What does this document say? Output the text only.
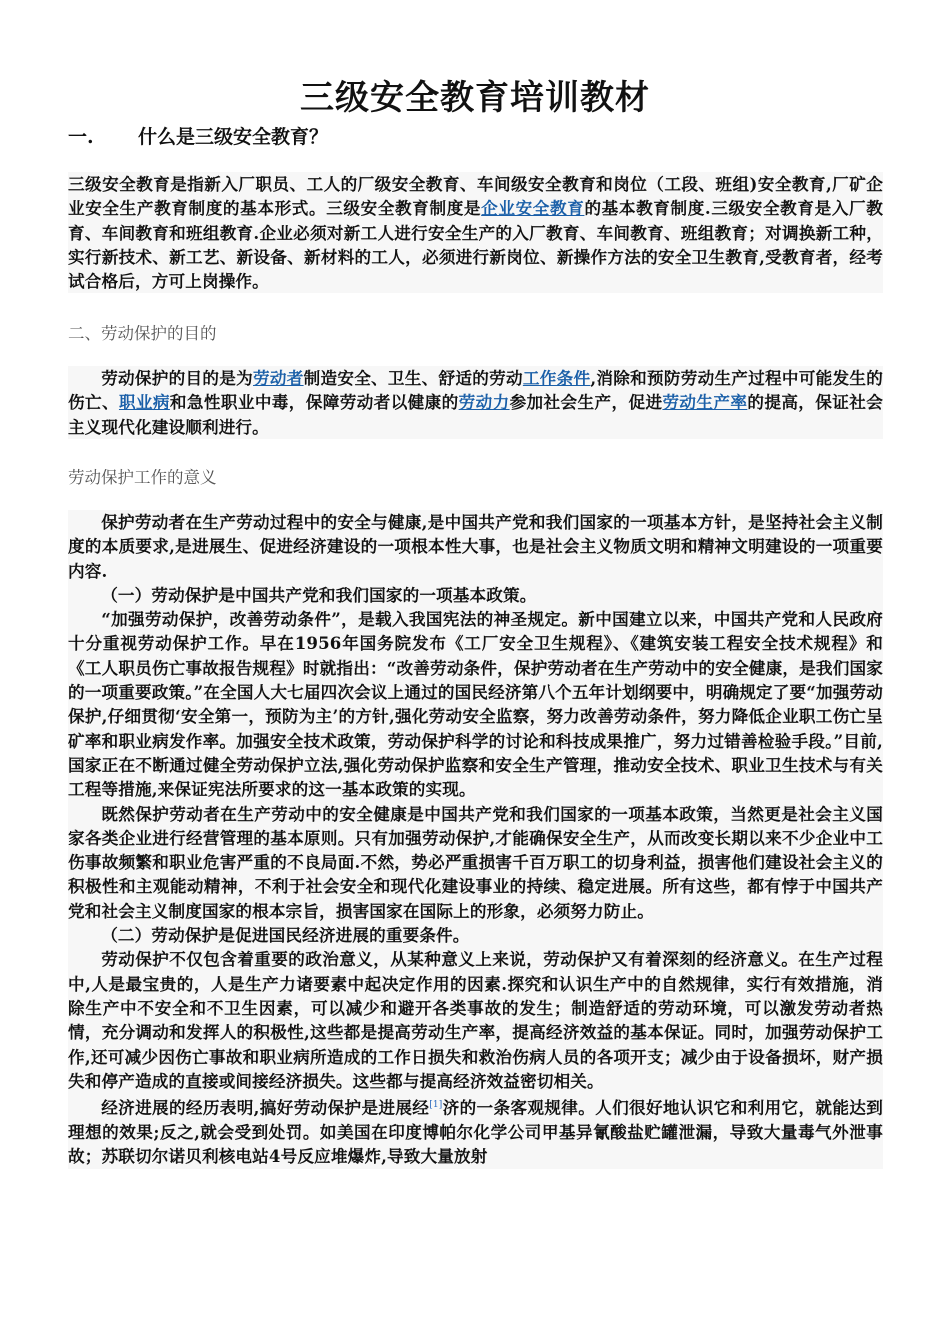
三级安全教育培训教材
一. 什么是三级安全教育？

三级安全教育是指新入厂职员、工人的厂级安全教育、车间级安全教育和岗位（工段、班组)安全教育,厂矿企业安全生产教育制度的基本形式。三级安全教育制度是企业安全教育的基本教育制度.三级安全教育是入厂教育、车间教育和班组教育.企业必须对新工人进行安全生产的入厂教育、车间教育、班组教育；对调换新工种，实行新技术、新工艺、新设备、新材料的工人，必须进行新岗位、新操作方法的安全卫生教育,受教育者，经考试合格后，方可上岗操作。

二、劳动保护的目的

劳动保护的目的是为劳动者制造安全、卫生、舒适的劳动工作条件,消除和预防劳动生产过程中可能发生的伤亡、职业病和急性职业中毒，保障劳动者以健康的劳动力参加社会生产，促进劳动生产率的提高，保证社会主义现代化建设顺利进行。

劳动保护工作的意义

保护劳动者在生产劳动过程中的安全与健康,是中国共产党和我们国家的一项基本方针，是坚持社会主义制度的本质要求,是进展生、促进经济建设的一项根本性大事，也是社会主义物质文明和精神文明建设的一项重要内容.

（一）劳动保护是中国共产党和我们国家的一项基本政策。

“加强劳动保护，改善劳动条件”，是载入我国宪法的神圣规定。新中国建立以来，中国共产党和人民政府十分重视劳动保护工作。早在1956年国务院发布《工厂安全卫生规程》、《建筑安装工程安全技术规程》和《工人职员伤亡事故报告规程》时就指出：“改善劳动条件，保护劳动者在生产劳动中的安全健康，是我们国家的一项重要政策。”在全国人大七届四次会议上通过的国民经济第八个五年计划纲要中，明确规定了要“加强劳动保护,仔细贯彻‘安全第一，预防为主’的方针,强化劳动安全监察，努力改善劳动条件，努力降低企业职工伤亡呈矿率和职业病发作率。加强安全技术政策，劳动保护科学的讨论和科技成果推广，努力过错善检验手段。”目前,国家正在不断通过健全劳动保护立法,强化劳动保护监察和安全生产管理，推动安全技术、职业卫生技术与有关工程等措施,来保证宪法所要求的这一基本政策的实现。

既然保护劳动者在生产劳动中的安全健康是中国共产党和我们国家的一项基本政策，当然更是社会主义国家各类企业进行经营管理的基本原则。只有加强劳动保护,才能确保安全生产，从而改变长期以来不少企业中工伤事故频繁和职业危害严重的不良局面.不然，势必严重损害千百万职工的切身利益，损害他们建设社会主义的积极性和主观能动精神，不利于社会安全和现代化建设事业的持续、稳定进展。所有这些，都有悖于中国共产党和社会主义制度国家的根本宗旨，损害国家在国际上的形象，必须努力防止。

（二）劳动保护是促进国民经济进展的重要条件。

劳动保护不仅包含着重要的政治意义，从某种意义上来说，劳动保护又有着深刻的经济意义。在生产过程中,人是最宝贵的，人是生产力诸要素中起决定作用的因素.探究和认识生产中的自然规律，实行有效措施，消除生产中不安全和不卫生因素，可以减少和避开各类事故的发生；制造舒适的劳动环境，可以激发劳动者热情，充分调动和发挥人的积极性,这些都是提高劳动生产率，提高经济效益的基本保证。同时，加强劳动保护工作,还可减少因伤亡事故和职业病所造成的工作日损失和救治伤病人员的各项开支；减少由于设备损坏，财产损失和停产造成的直接或间接经济损失。这些都与提高经济效益密切相关。

经济进展的经历表明,搞好劳动保护是进展经[1]济的一条客观规律。人们很好地认识它和利用它，就能达到理想的效果;反之,就会受到处罚。如美国在印度博帕尔化学公司甲基异氰酸盐贮罐泄漏，导致大量毒气外泄事故；苏联切尔诺贝利核电站4号反应堆爆炸,导致大量放射
